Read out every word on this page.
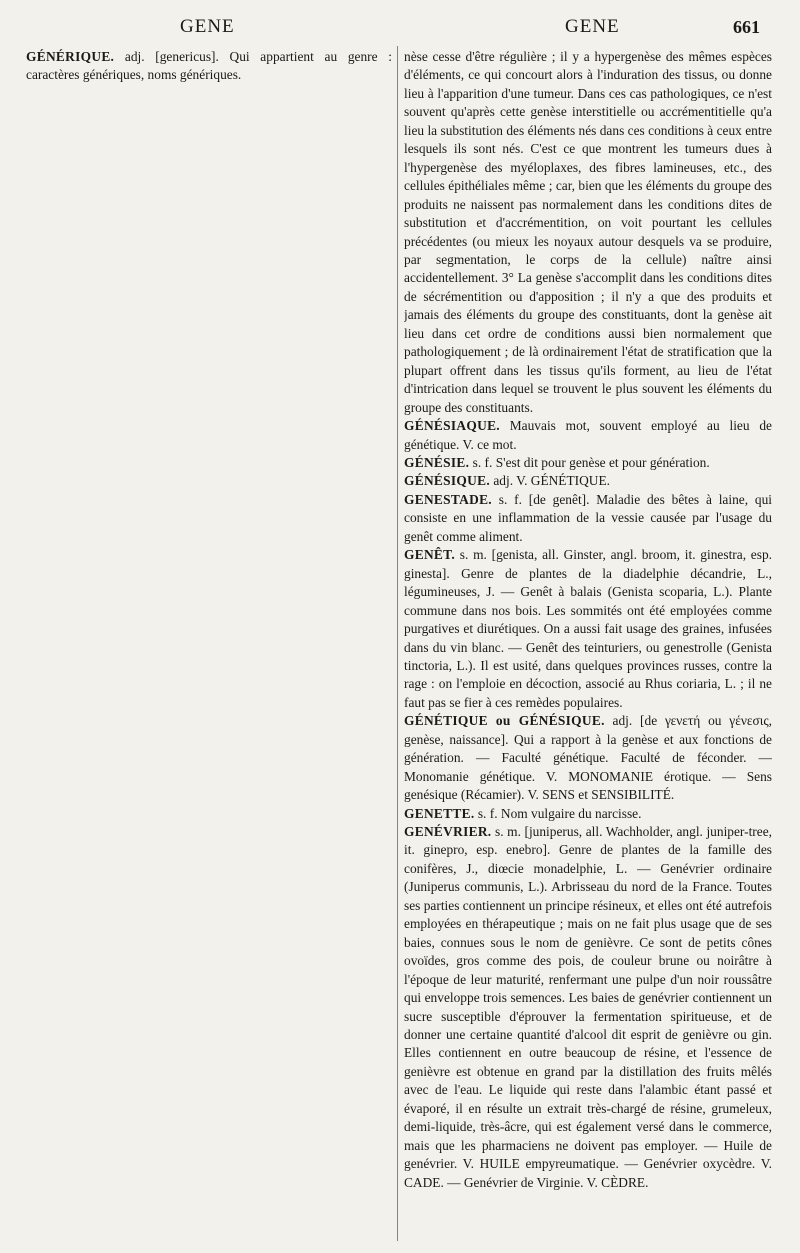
GENE	GENE	661

GÉNÉRIQUE. adj. [genericus]. Qui appartient au genre : caractères génériques, noms génériques.

nèse cesse d'être régulière ; il y a hypergenèse des mêmes espèces d'éléments, ce qui concourt alors à l'induration des tissus, ou donne lieu à l'apparition d'une tumeur. Dans ces cas pathologiques, ce n'est souvent qu'après cette genèse interstitielle ou accrémentitielle qu'a lieu la substitution des éléments nés dans ces conditions à ceux entre lesquels ils sont nés. C'est ce que montrent les tumeurs dues à l'hypergenèse des myéloplaxes, des fibres lamineuses, etc., des cellules épithéliales même ; car, bien que les éléments du groupe des produits ne naissent pas normalement dans les conditions dites de substitution et d'accrémentition, on voit pourtant les cellules précédentes (ou mieux les noyaux autour desquels va se produire, par segmentation, le corps de la cellule) naître ainsi accidentellement. 3° La genèse s'accomplit dans les conditions dites de sécrémentition ou d'apposition ; il n'y a que des produits et jamais des éléments du groupe des constituants, dont la genèse ait lieu dans cet ordre de conditions aussi bien normalement que pathologiquement ; de là ordinairement l'état de stratification que la plupart offrent dans les tissus qu'ils forment, au lieu de l'état d'intrication dans lequel se trouvent le plus souvent les éléments du groupe des constituants.

GÉNÉSIAQUE. Mauvais mot, souvent employé au lieu de génétique. V. ce mot.

GÉNÉSIE. s. f. S'est dit pour genèse et pour génération.

GÉNÉSIQUE. adj. V. GÉNÉTIQUE.

GENESTADE. s. f. [de genêt]. Maladie des bêtes à laine, qui consiste en une inflammation de la vessie causée par l'usage du genêt comme aliment.

GENÊT. s. m. [genista, all. Ginster, angl. broom, it. ginestra, esp. ginesta]. Genre de plantes de la diadelphie décandrie, L., légumineuses, J. — Genêt à balais (Genista scoparia, L.). Plante commune dans nos bois. Les sommités ont été employées comme purgatives et diurétiques. On a aussi fait usage des graines, infusées dans du vin blanc. — Genêt des teinturiers, ou genestrolle (Genista tinctoria, L.). Il est usité, dans quelques provinces russes, contre la rage : on l'emploie en décoction, associé au Rhus coriaria, L. ; il ne faut pas se fier à ces remèdes populaires.

GÉNÉTIQUE ou GÉNÉSIQUE. adj. [de γενετή ou γένεσις, genèse, naissance]. Qui a rapport à la genèse et aux fonctions de génération. — Faculté génétique. Faculté de féconder. — Monomanie génétique. V. MONOMANIE érotique. — Sens genésique (Récamier). V. SENS et SENSIBILITÉ.

GENETTE. s. f. Nom vulgaire du narcisse.

GENÉVRIER. s. m. [juniperus, all. Wachholder, angl. juniper-tree, it. ginepro, esp. enebro]. Genre de plantes de la famille des conifères, J., diœcie monadelphie, L. — Genévrier ordinaire (Juniperus communis, L.). Arbrisseau du nord de la France. Toutes ses parties contiennent un principe résineux, et elles ont été autrefois employées en thérapeutique ; mais on ne fait plus usage que de ses baies, connues sous le nom de genièvre. Ce sont de petits cônes ovoïdes, gros comme des pois, de couleur brune ou noirâtre à l'époque de leur maturité, renfermant une pulpe d'un noir roussâtre qui enveloppe trois semences. Les baies de genévrier contiennent un sucre susceptible d'éprouver la fermentation spiritueuse, et de donner une certaine quantité d'alcool dit esprit de genièvre ou gin. Elles contiennent en outre beaucoup de résine, et l'essence de genièvre est obtenue en grand par la distillation des fruits mêlés avec de l'eau. Le liquide qui reste dans l'alambic étant passé et évaporé, il en résulte un extrait très-chargé de résine, grumeleux, demi-liquide, très-âcre, qui est également versé dans le commerce, mais que les pharmaciens ne doivent pas employer. — Huile de genévrier. V. HUILE empyreumatique. — Genévrier oxycèdre. V. CADE. — Genévrier de Virginie. V. CÈDRE.
